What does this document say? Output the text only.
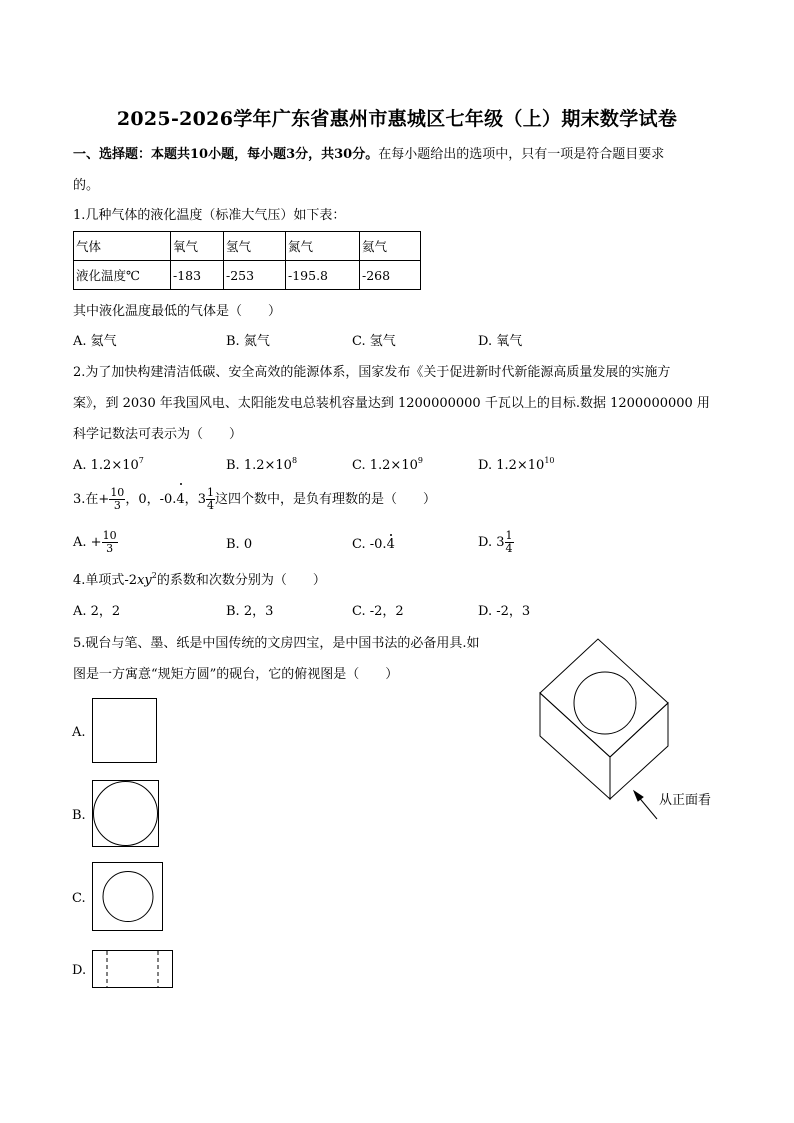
2025-2026学年广东省惠州市惠城区七年级（上）期末数学试卷
一、选择题：本题共10小题，每小题3分，共30分。在每小题给出的选项中，只有一项是符合题目要求
的。
1.几种气体的液化温度（标准大气压）如下表：
气体	氧气	氢气	氮气	氦气
液化温度℃	-183	-253	-195.8	-268
其中液化温度最低的气体是（　　）
A. 氦气	B. 氮气	C. 氢气	D. 氧气
2.为了加快构建清洁低碳、安全高效的能源体系，国家发布《关于促进新时代新能源高质量发展的实施方
案》，到 2030 年我国风电、太阳能发电总装机容量达到 1200000000 千瓦以上的目标.数据 1200000000 用
科学记数法可表示为（　　）
A. $1.2\times 10^7$	B. $1.2\times 10^8$	C. $1.2\times 10^9$	D. $1.2\times 10^{10}$
3.在+ $\frac{10}{3}$ ，0，-0.4，$3 \frac{1}{4}$ 这四个数中，是负有理数的是（　　）
A. + $\frac{10}{3}$	B. 0	C. -0.4	D. $3 \frac{1}{4}$
4.单项式$-2xy^2$的系数和次数分别为（　　）
A. 2，2	B. 2，3	C. -2，2	D. -2，3
5.砚台与笔、墨、纸是中国传统的文房四宝，是中国书法的必备用具.如
图是一方寓意“规矩方圆”的砚台，它的俯视图是（　　）
从正面看
A.
B.
C.
D.
